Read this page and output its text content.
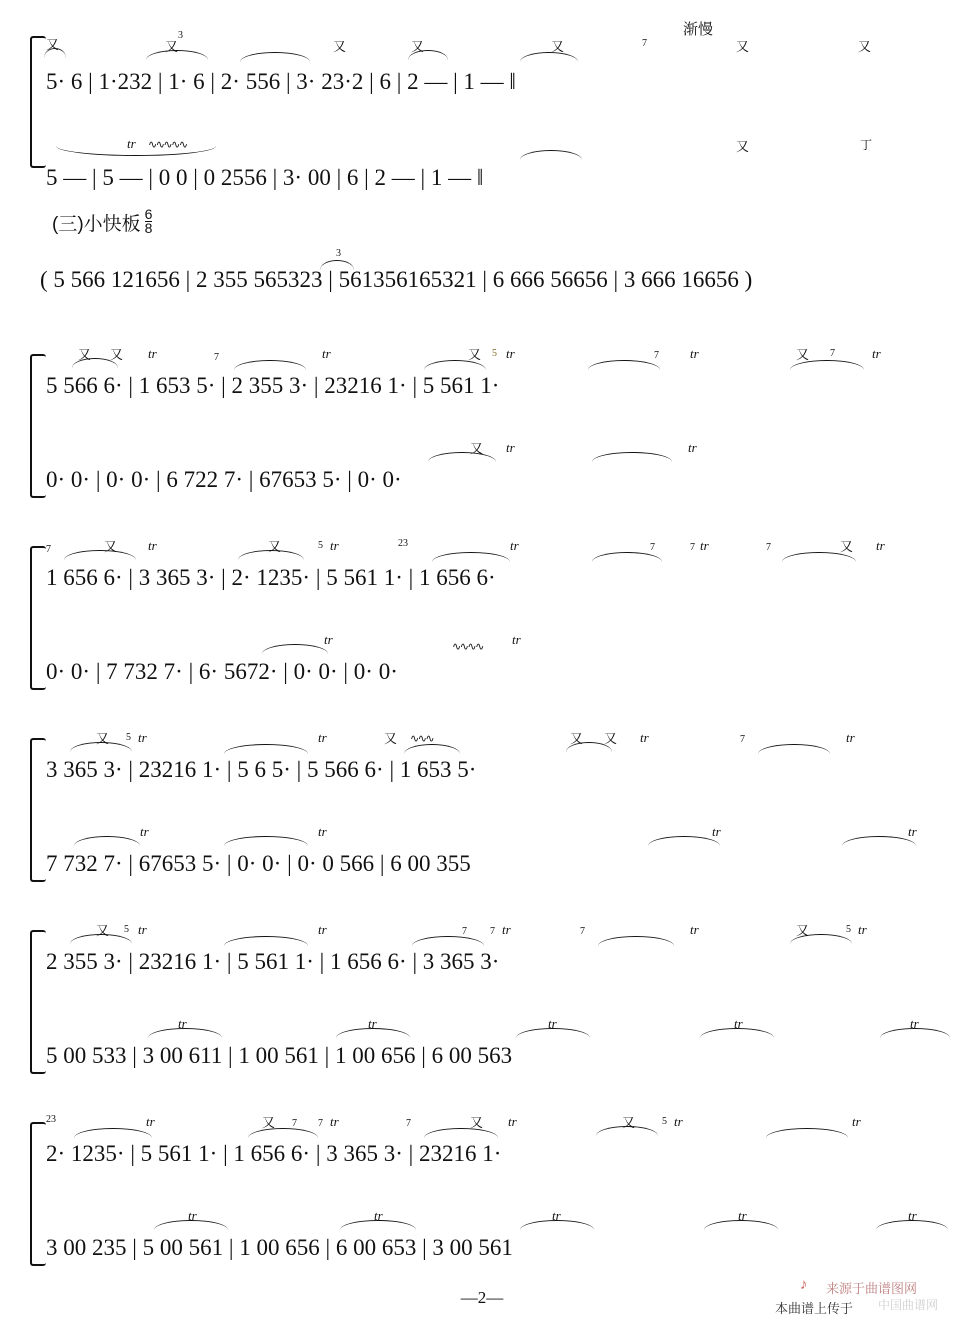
渐慢
又
3
又	又	又	又	7	又	又
5· 6 | 1·232 | 1· 6 | 2· 556 | 3· 23·2 | 6 | 2 — | 1 — ‖
tr ∿∿∿∿∿	又	丁
5 — | 5 — | 0 0 | 0 2556 | 3· 00 | 6 | 2 — | 1 — ‖
(三)小快板 $\frac{6}{8}$
3
( 5 566 121656 | 2 355 565323 | 561356165321 | 6 666 56656 | 3 666 16656 )
又 又 tr	7	tr	又 5 tr	7 tr	又 7	tr
5 566 6· | 1 653 5· | 2 355 3· | 23216 1· | 5 561 1·
又 tr	tr
0· 0· | 0· 0· | 6 722 7· | 67653 5· | 0· 0·
7	又 tr	又	5 tr	23	tr	7	7 tr	7	又 tr
1 656 6· | 3 365 3· | 2· 1235· | 5 561 1· | 1 656 6·
tr	tr
∿∿∿∿
0· 0· | 7 732 7· | 6· 5672· | 0· 0· | 0· 0·
又 5 tr	tr	又 ∿∿∿	又 又 tr	7	tr
3 365 3· | 23216 1· | 5 6 5· | 5 566 6· | 1 653 5·
tr	tr	tr	tr
7 732 7· | 67653 5· | 0· 0· | 0· 0 566 | 6 00 355
又 5 tr	tr	7 7 tr	7	tr	又	5 tr
2 355 3· | 23216 1· | 5 561 1· | 1 656 6· | 3 365 3·
tr	tr	tr	tr	tr
5 00 533 | 3 00 611 | 1 00 561 | 1 00 656 | 6 00 563
23	tr	又 7 7 tr	7	又 tr	又	5 tr	tr
2· 1235· | 5 561 1· | 1 656 6· | 3 365 3· | 23216 1·
tr	tr	tr	tr	tr
3 00 235 | 5 00 561 | 1 00 656 | 6 00 653 | 3 00 561
—2—
本曲谱上传于
♪ 来源于曲谱图网
中国曲谱网
